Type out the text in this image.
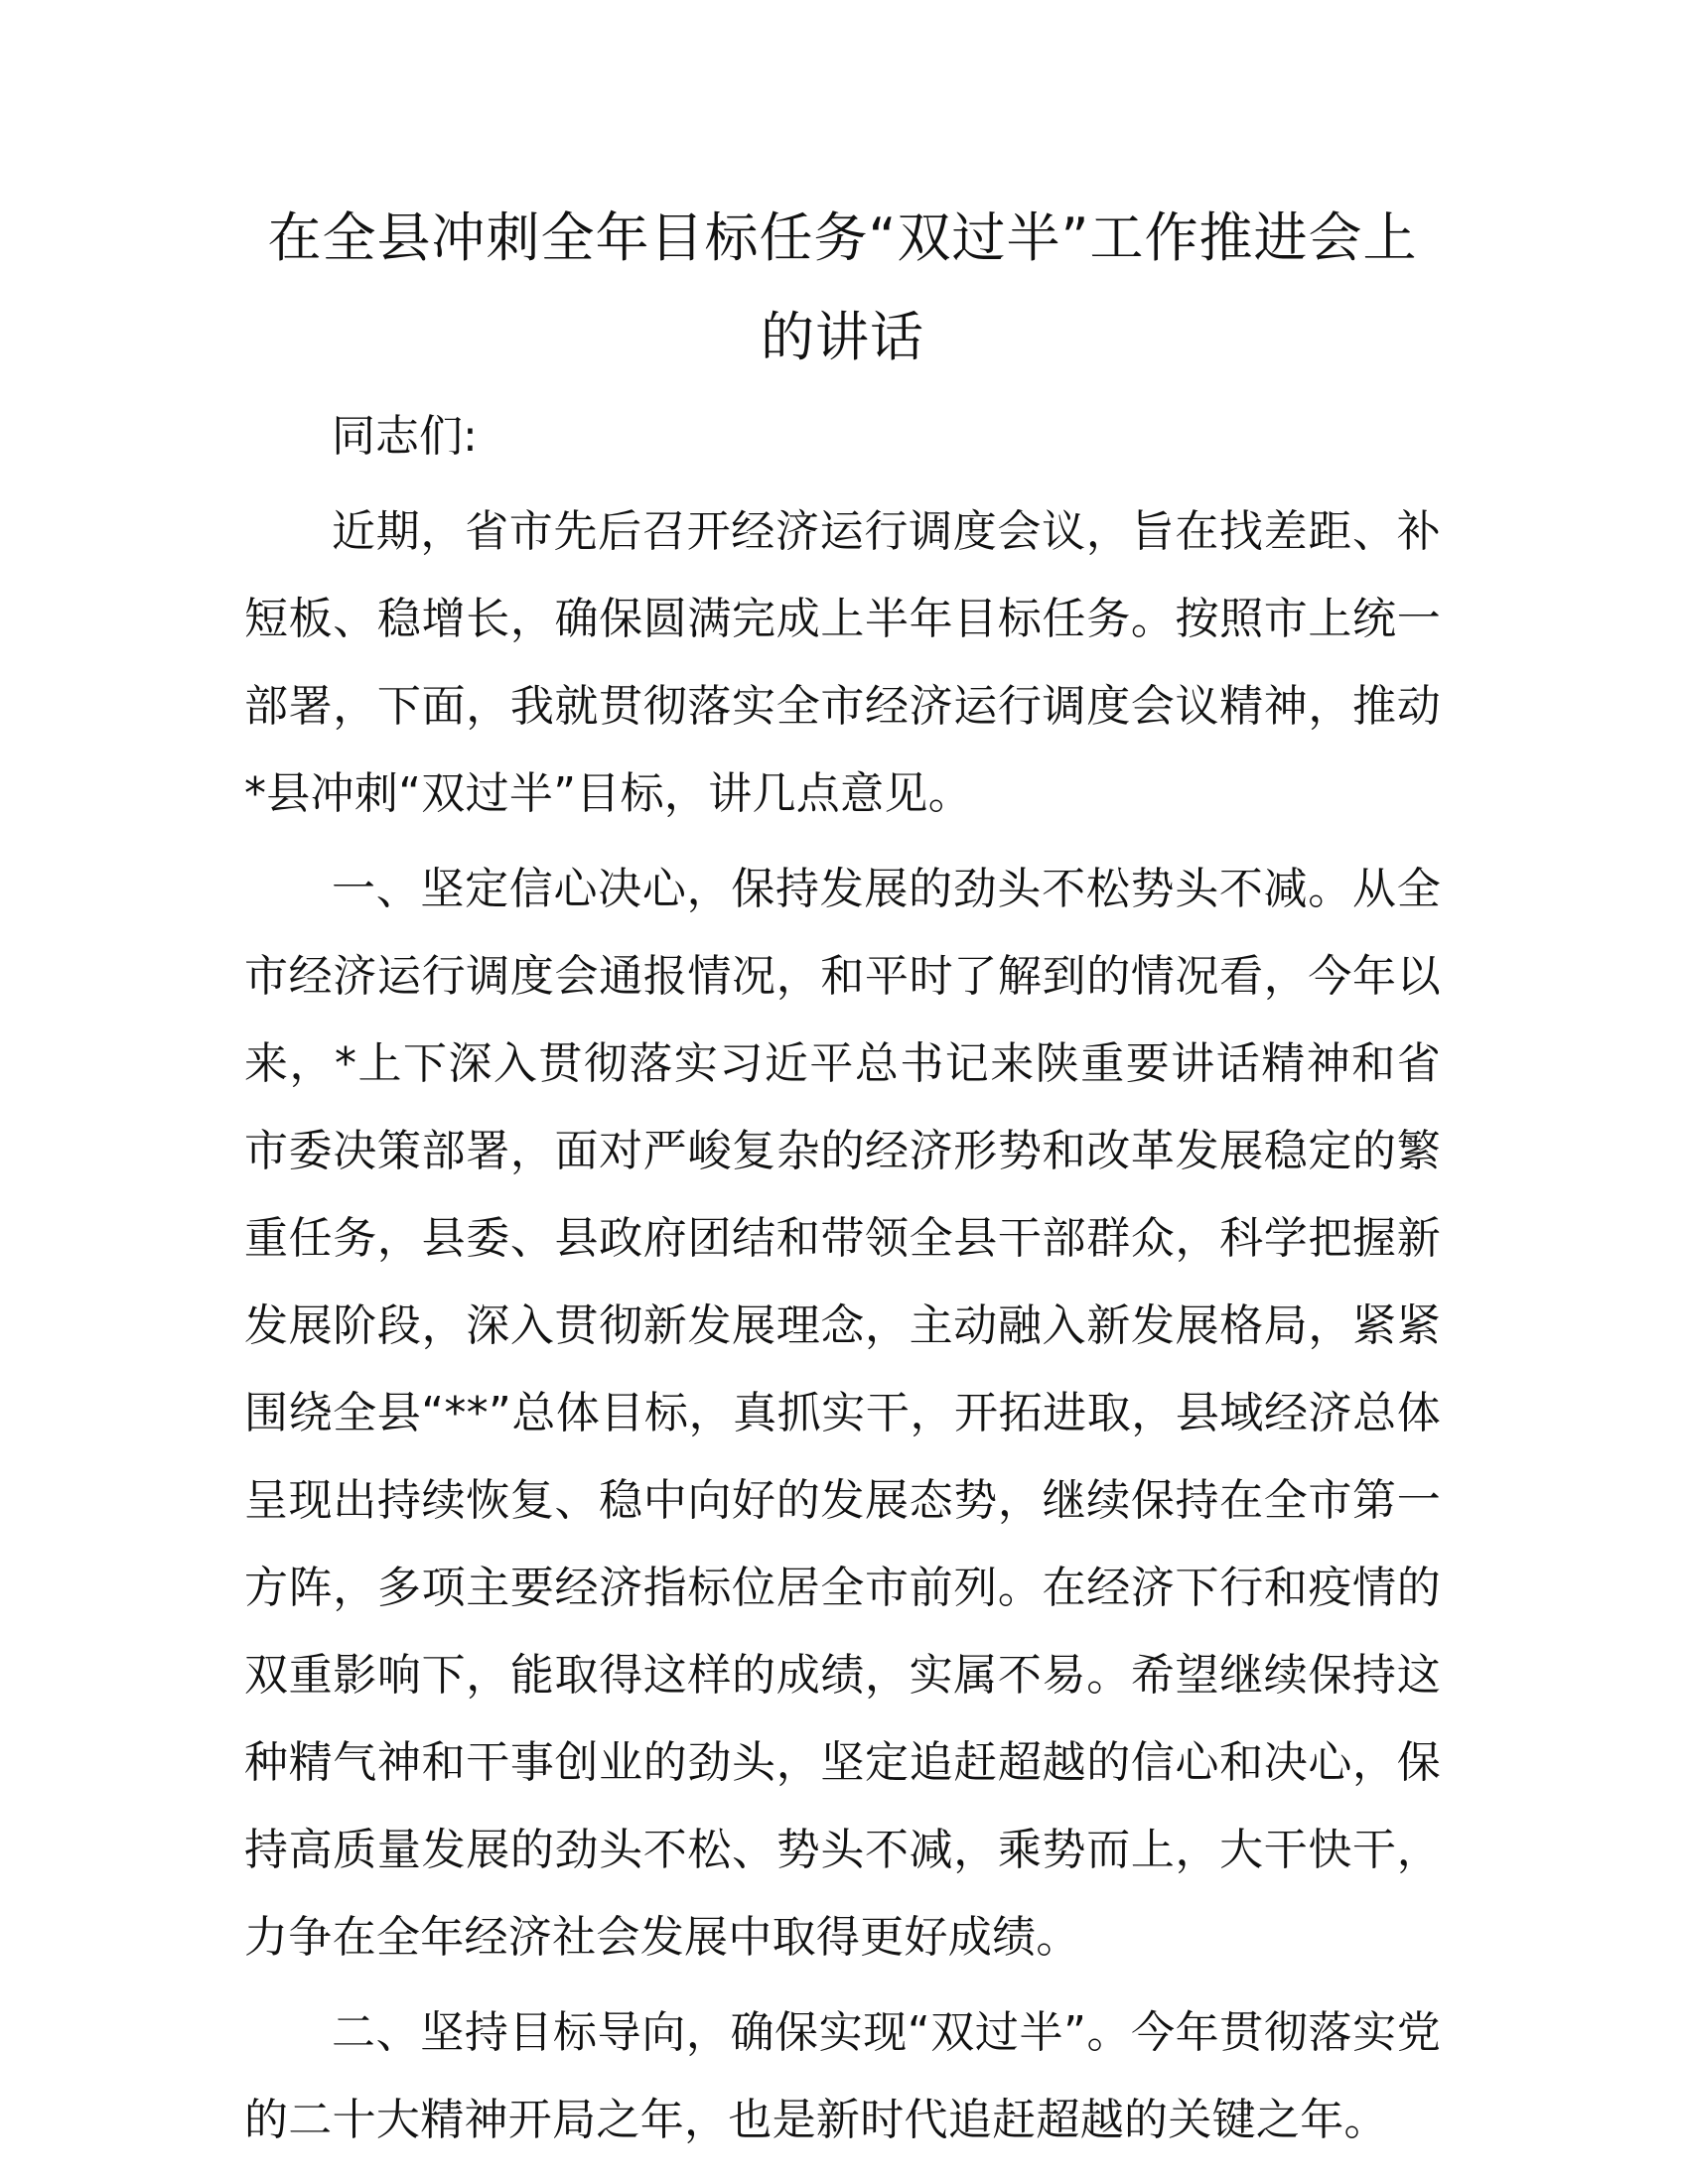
在全县冲刺全年目标任务“双过半”工作推进会上的讲话

同志们:

近期，省市先后召开经济运行调度会议，旨在找差距、补短板、稳增长，确保圆满完成上半年目标任务。按照市上统一部署，下面，我就贯彻落实全市经济运行调度会议精神，推动*县冲刺“双过半”目标，讲几点意见。

一、坚定信心决心，保持发展的劲头不松势头不减。从全市经济运行调度会通报情况，和平时了解到的情况看，今年以来，*上下深入贯彻落实习近平总书记来陕重要讲话精神和省市委决策部署，面对严峻复杂的经济形势和改革发展稳定的繁重任务，县委、县政府团结和带领全县干部群众，科学把握新发展阶段，深入贯彻新发展理念，主动融入新发展格局，紧紧围绕全县“**”总体目标，真抓实干，开拓进取，县域经济总体呈现出持续恢复、稳中向好的发展态势，继续保持在全市第一方阵，多项主要经济指标位居全市前列。在经济下行和疫情的双重影响下，能取得这样的成绩，实属不易。希望继续保持这种精气神和干事创业的劲头，坚定追赶超越的信心和决心，保持高质量发展的劲头不松、势头不减，乘势而上，大干快干，力争在全年经济社会发展中取得更好成绩。

二、坚持目标导向，确保实现“双过半”。今年贯彻落实党的二十大精神开局之年，也是新时代追赶超越的关键之年。
